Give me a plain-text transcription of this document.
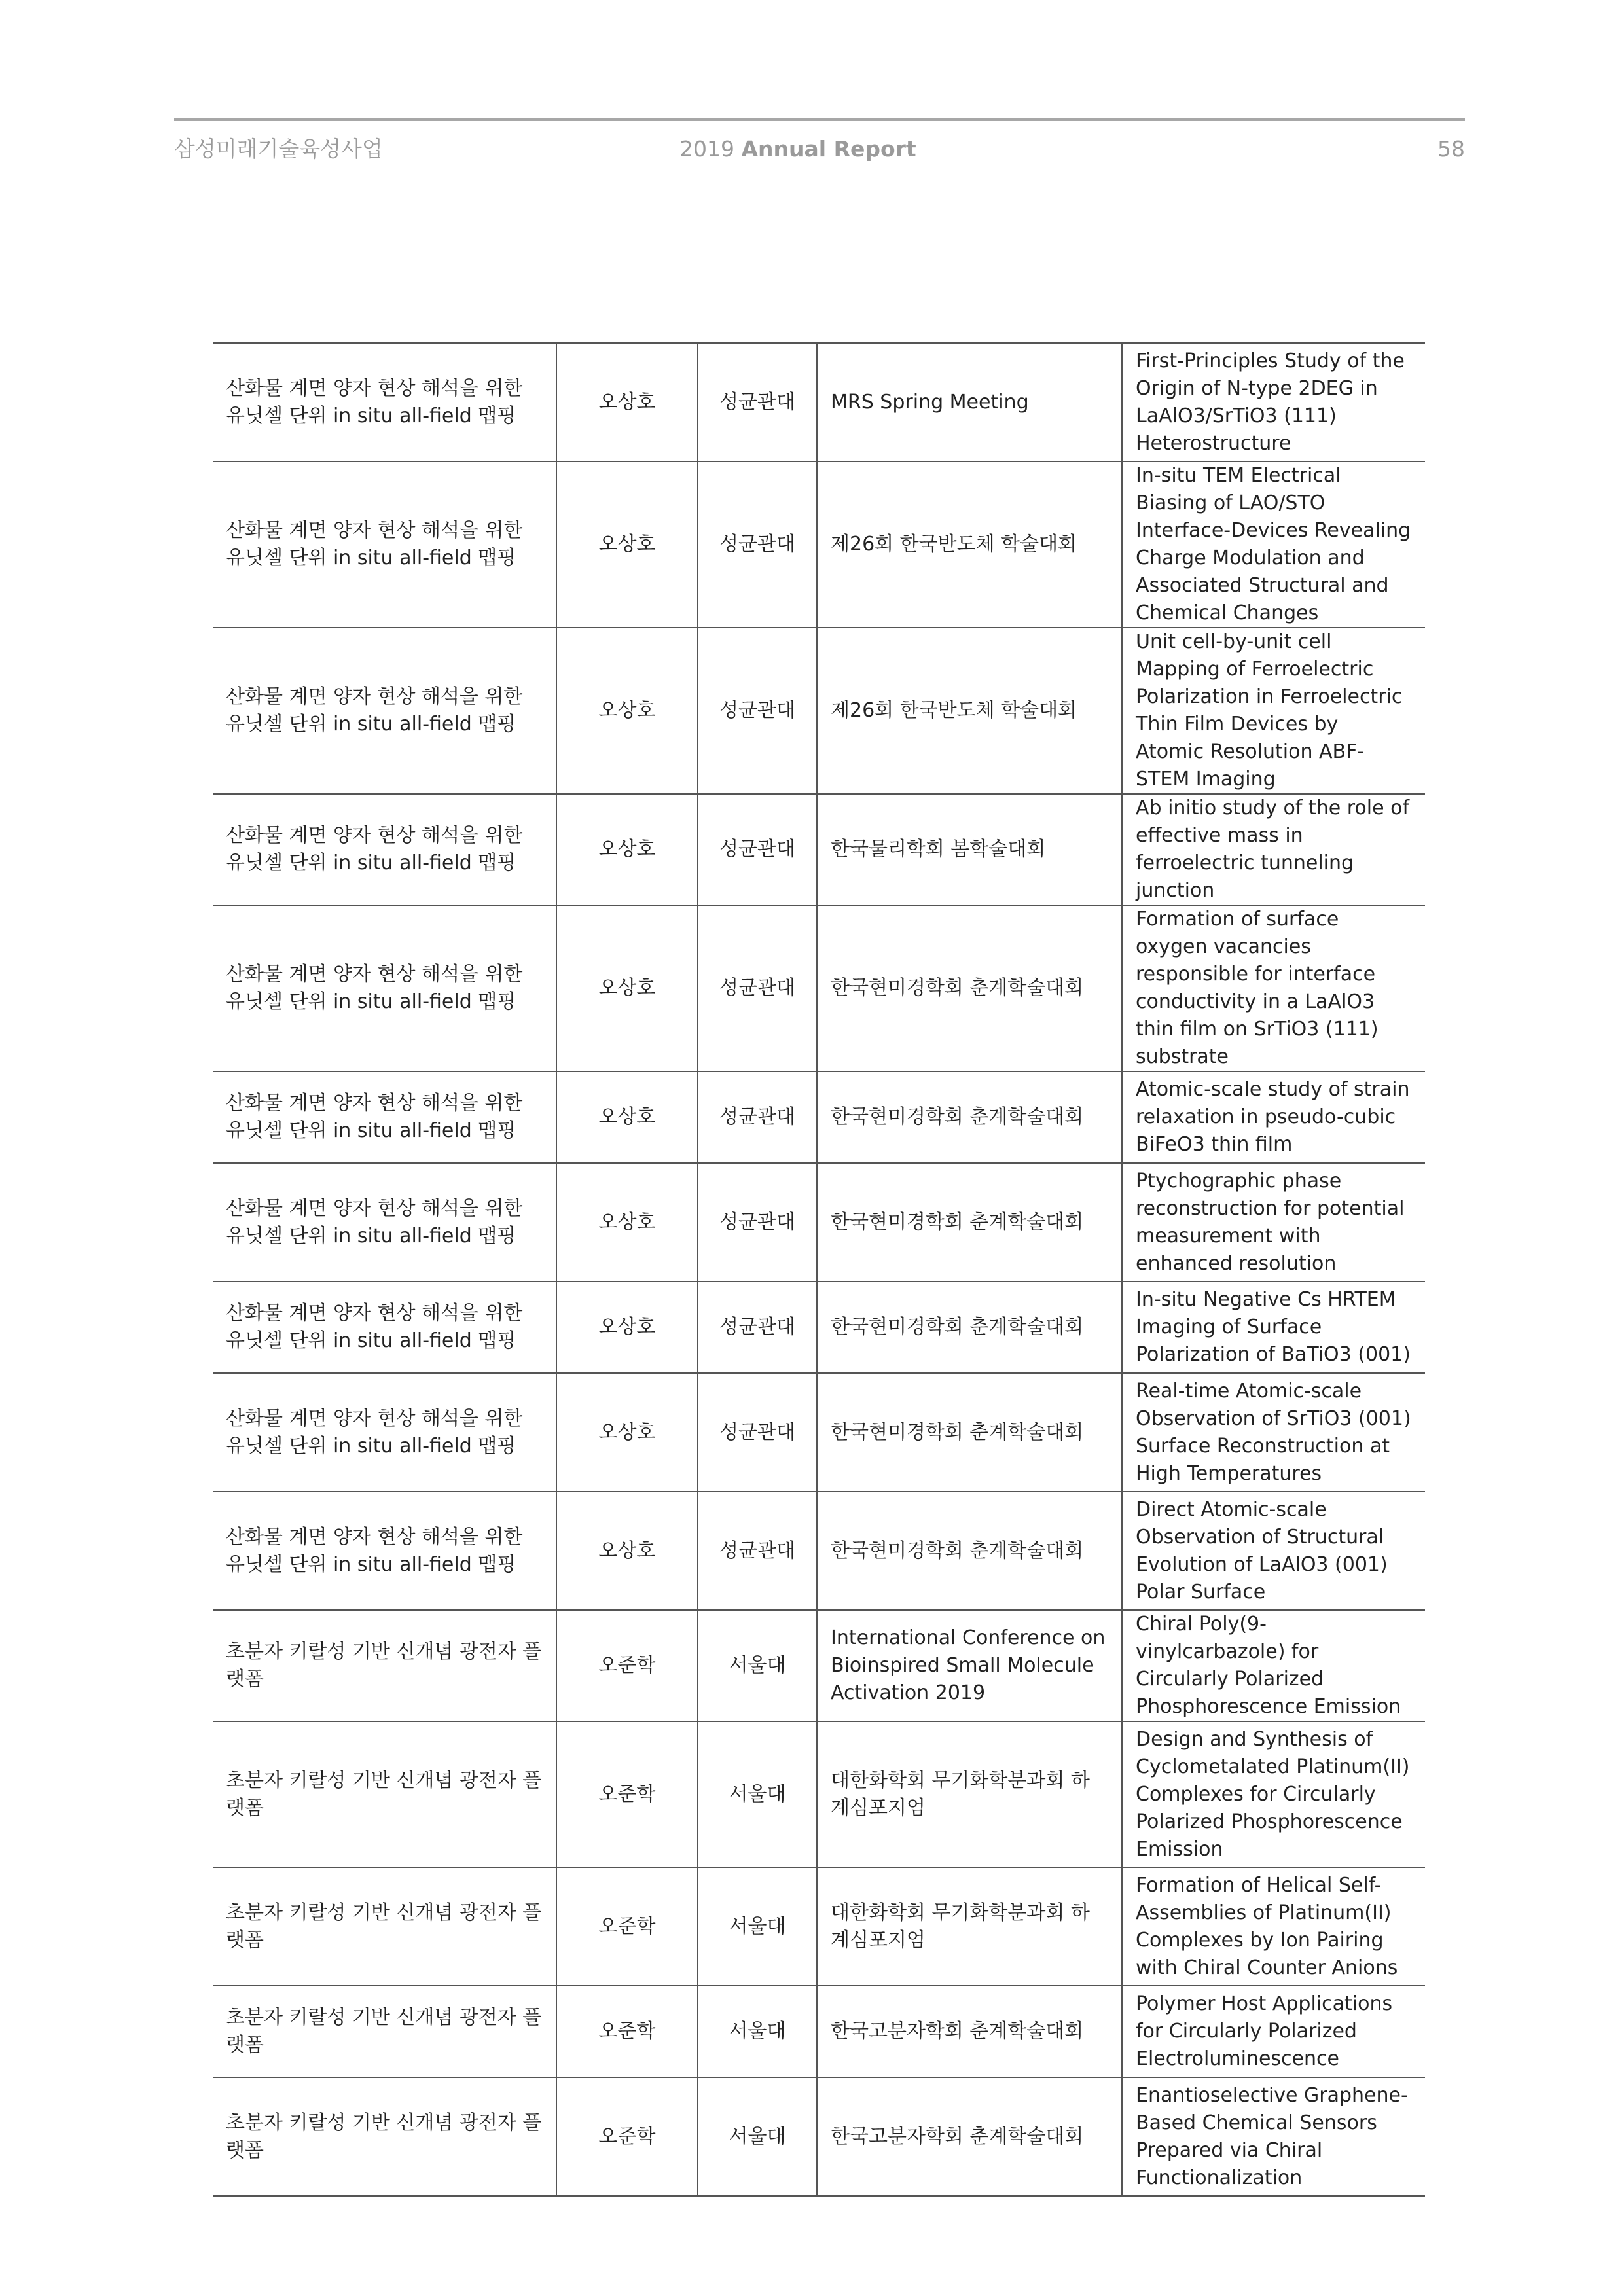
삼성미래기술육성사업	2019 Annual Report	58
산화물 계면 양자 현상 해석을 위한 유닛셀 단위 in situ all-field 맵핑	오상호	성균관대	MRS Spring Meeting	First-Principles Study of the Origin of N-type 2DEG in LaAlO3/SrTiO3 (111) Heterostructure
산화물 계면 양자 현상 해석을 위한 유닛셀 단위 in situ all-field 맵핑	오상호	성균관대	제26회 한국반도체 학술대회	In-situ TEM Electrical Biasing of LAO/STO Interface-Devices Revealing Charge Modulation and Associated Structural and Chemical Changes
산화물 계면 양자 현상 해석을 위한 유닛셀 단위 in situ all-field 맵핑	오상호	성균관대	제26회 한국반도체 학술대회	Unit cell-by-unit cell Mapping of Ferroelectric Polarization in Ferroelectric Thin Film Devices by Atomic Resolution ABF-STEM Imaging
산화물 계면 양자 현상 해석을 위한 유닛셀 단위 in situ all-field 맵핑	오상호	성균관대	한국물리학회 봄학술대회	Ab initio study of the role of effective mass in ferroelectric tunneling junction
산화물 계면 양자 현상 해석을 위한 유닛셀 단위 in situ all-field 맵핑	오상호	성균관대	한국현미경학회 춘계학술대회	Formation of surface oxygen vacancies responsible for interface conductivity in a LaAlO3 thin film on SrTiO3 (111) substrate
산화물 계면 양자 현상 해석을 위한 유닛셀 단위 in situ all-field 맵핑	오상호	성균관대	한국현미경학회 춘계학술대회	Atomic-scale study of strain relaxation in pseudo-cubic BiFeO3 thin film
산화물 계면 양자 현상 해석을 위한 유닛셀 단위 in situ all-field 맵핑	오상호	성균관대	한국현미경학회 춘계학술대회	Ptychographic phase reconstruction for potential measurement with enhanced resolution
산화물 계면 양자 현상 해석을 위한 유닛셀 단위 in situ all-field 맵핑	오상호	성균관대	한국현미경학회 춘계학술대회	In-situ Negative Cs HRTEM Imaging of Surface Polarization of BaTiO3 (001)
산화물 계면 양자 현상 해석을 위한 유닛셀 단위 in situ all-field 맵핑	오상호	성균관대	한국현미경학회 춘계학술대회	Real-time Atomic-scale Observation of SrTiO3 (001) Surface Reconstruction at High Temperatures
산화물 계면 양자 현상 해석을 위한 유닛셀 단위 in situ all-field 맵핑	오상호	성균관대	한국현미경학회 춘계학술대회	Direct Atomic-scale Observation of Structural Evolution of LaAlO3 (001) Polar Surface
초분자 키랄성 기반 신개념 광전자 플랫폼	오준학	서울대	International Conference on Bioinspired Small Molecule Activation 2019	Chiral Poly(9-vinylcarbazole) for Circularly Polarized Phosphorescence Emission
초분자 키랄성 기반 신개념 광전자 플랫폼	오준학	서울대	대한화학회 무기화학분과회 하계심포지엄	Design and Synthesis of Cyclometalated Platinum(II) Complexes for Circularly Polarized Phosphorescence Emission
초분자 키랄성 기반 신개념 광전자 플랫폼	오준학	서울대	대한화학회 무기화학분과회 하계심포지엄	Formation of Helical Self-Assemblies of Platinum(II) Complexes by Ion Pairing with Chiral Counter Anions
초분자 키랄성 기반 신개념 광전자 플랫폼	오준학	서울대	한국고분자학회 춘계학술대회	Polymer Host Applications for Circularly Polarized Electroluminescence
초분자 키랄성 기반 신개념 광전자 플랫폼	오준학	서울대	한국고분자학회 춘계학술대회	Enantioselective Graphene-Based Chemical Sensors Prepared via Chiral Functionalization
